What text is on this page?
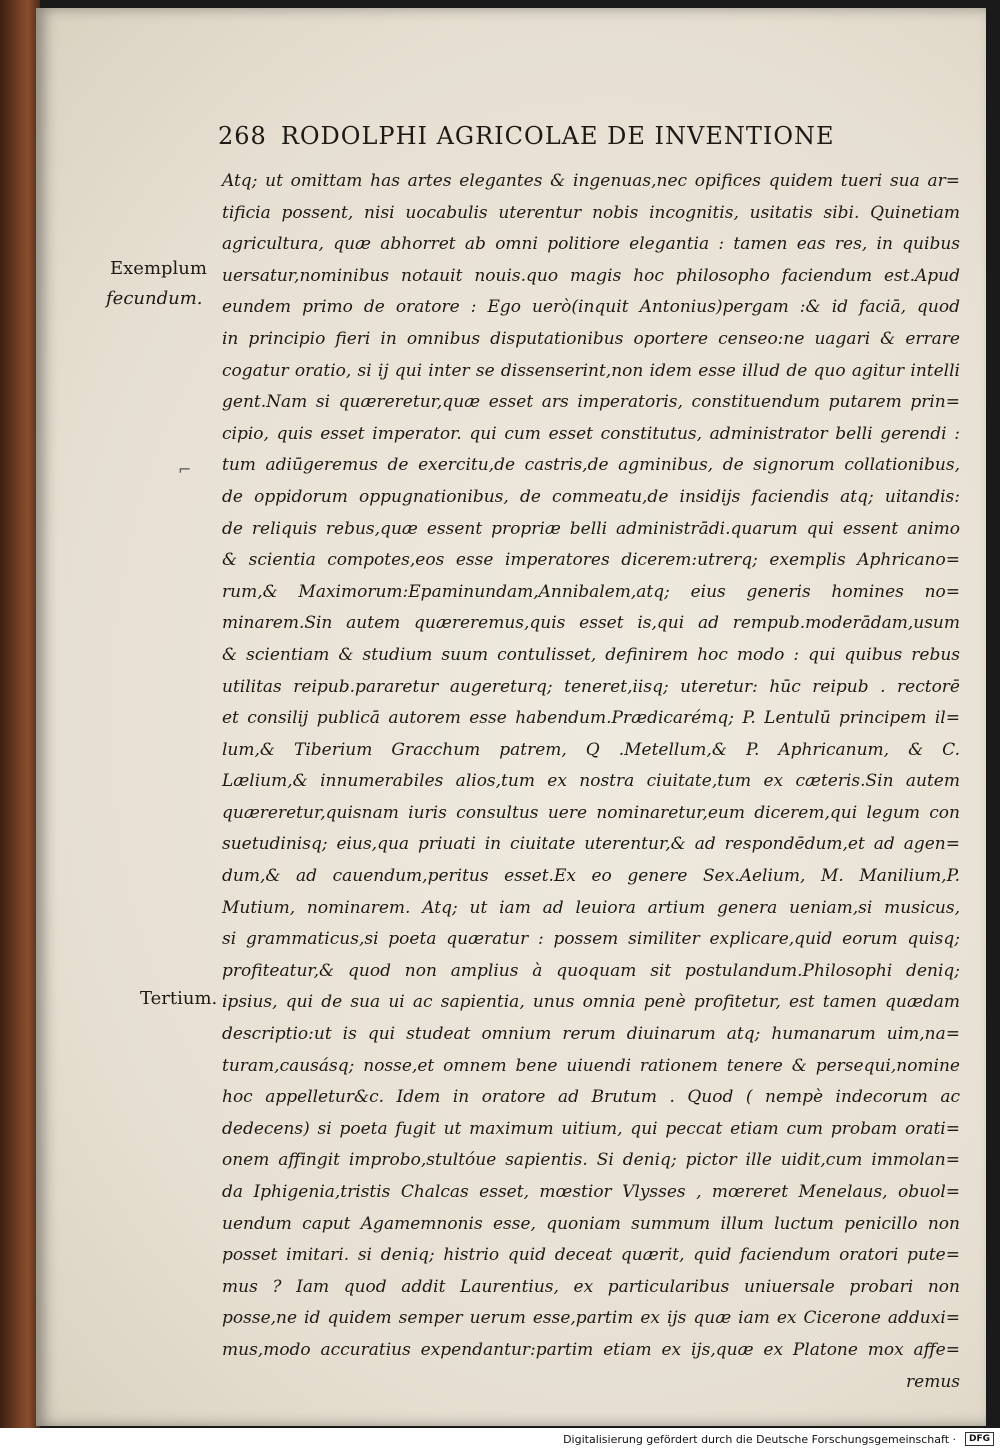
268 RODOLPHI AGRICOLAE DE INVENTIONE
Exemplum
fecundum.
Tertium.
⌐
Atq; ut omittam has artes elegantes & ingenuas,nec opifices quidem tueri sua ar=
tificia possent, nisi uocabulis uterentur nobis incognitis, usitatis sibi. Quinetiam
agricultura, quæ abhorret ab omni politiore elegantia : tamen eas res, in quibus
uersatur,nominibus notauit nouis.quo magis hoc philosopho faciendum est.Apud
eundem primo de oratore : Ego uerò(inquit Antonius)pergam :& id faciā, quod
in principio fieri in omnibus disputationibus oportere censeo:ne uagari & errare
cogatur oratio, si ij qui inter se dissenserint,non idem esse illud de quo agitur intelli
gent.Nam si quæreretur,quæ esset ars imperatoris, constituendum putarem prin=
cipio, quis esset imperator. qui cum esset constitutus, administrator belli gerendi :
tum adiūgeremus de exercitu,de castris,de agminibus, de signorum collationibus,
de oppidorum oppugnationibus, de commeatu,de insidijs faciendis atq; uitandis:
de reliquis rebus,quæ essent propriæ belli administrādi.quarum qui essent animo
& scientia compotes,eos esse imperatores dicerem:utrerq; exemplis Aphricano=
rum,& Maximorum:Epaminundam,Annibalem,atq; eius generis homines no=
minarem.Sin autem quæreremus,quis esset is,qui ad rempub.moderādam,usum
& scientiam & studium suum contulisset, definirem hoc modo : qui quibus rebus
utilitas reipub.pararetur augereturq; teneret,iisq; uteretur: hūc reipub . rectorē
et consilij publicā autorem esse habendum.Prædicarémq; P. Lentulū principem il=
lum,& Tiberium Gracchum patrem, Q .Metellum,& P. Aphricanum, & C.
Lælium,& innumerabiles alios,tum ex nostra ciuitate,tum ex cæteris.Sin autem
quæreretur,quisnam iuris consultus uere nominaretur,eum dicerem,qui legum con
suetudinisq; eius,qua priuati in ciuitate uterentur,& ad respondēdum,et ad agen=
dum,& ad cauendum,peritus esset.Ex eo genere Sex.Aelium, M. Manilium,P.
Mutium, nominarem. Atq; ut iam ad leuiora artium genera ueniam,si musicus,
si grammaticus,si poeta quæratur : possem similiter explicare,quid eorum quisq;
profiteatur,& quod non amplius à quoquam sit postulandum.Philosophi deniq;
ipsius, qui de sua ui ac sapientia, unus omnia penè profitetur, est tamen quædam
descriptio:ut is qui studeat omnium rerum diuinarum atq; humanarum uim,na=
turam,causásq; nosse,et omnem bene uiuendi rationem tenere & persequi,nomine
hoc appelletur&c. Idem in oratore ad Brutum . Quod ( nempè indecorum ac
dedecens) si poeta fugit ut maximum uitium, qui peccat etiam cum probam orati=
onem affingit improbo,stultóue sapientis. Si deniq; pictor ille uidit,cum immolan=
da Iphigenia,tristis Chalcas esset, mœstior Vlysses , mœreret Menelaus, obuol=
uendum caput Agamemnonis esse, quoniam summum illum luctum penicillo non
posset imitari. si deniq; histrio quid deceat quærit, quid faciendum oratori pute=
mus ? Iam quod addit Laurentius, ex particularibus uniuersale probari non
posse,ne id quidem semper uerum esse,partim ex ijs quæ iam ex Cicerone adduxi=
mus,modo accuratius expendantur:partim etiam ex ijs,quæ ex Platone mox affe=
remus
Digitalisierung gefördert durch die Deutsche Forschungsgemeinschaft ·	DFG
